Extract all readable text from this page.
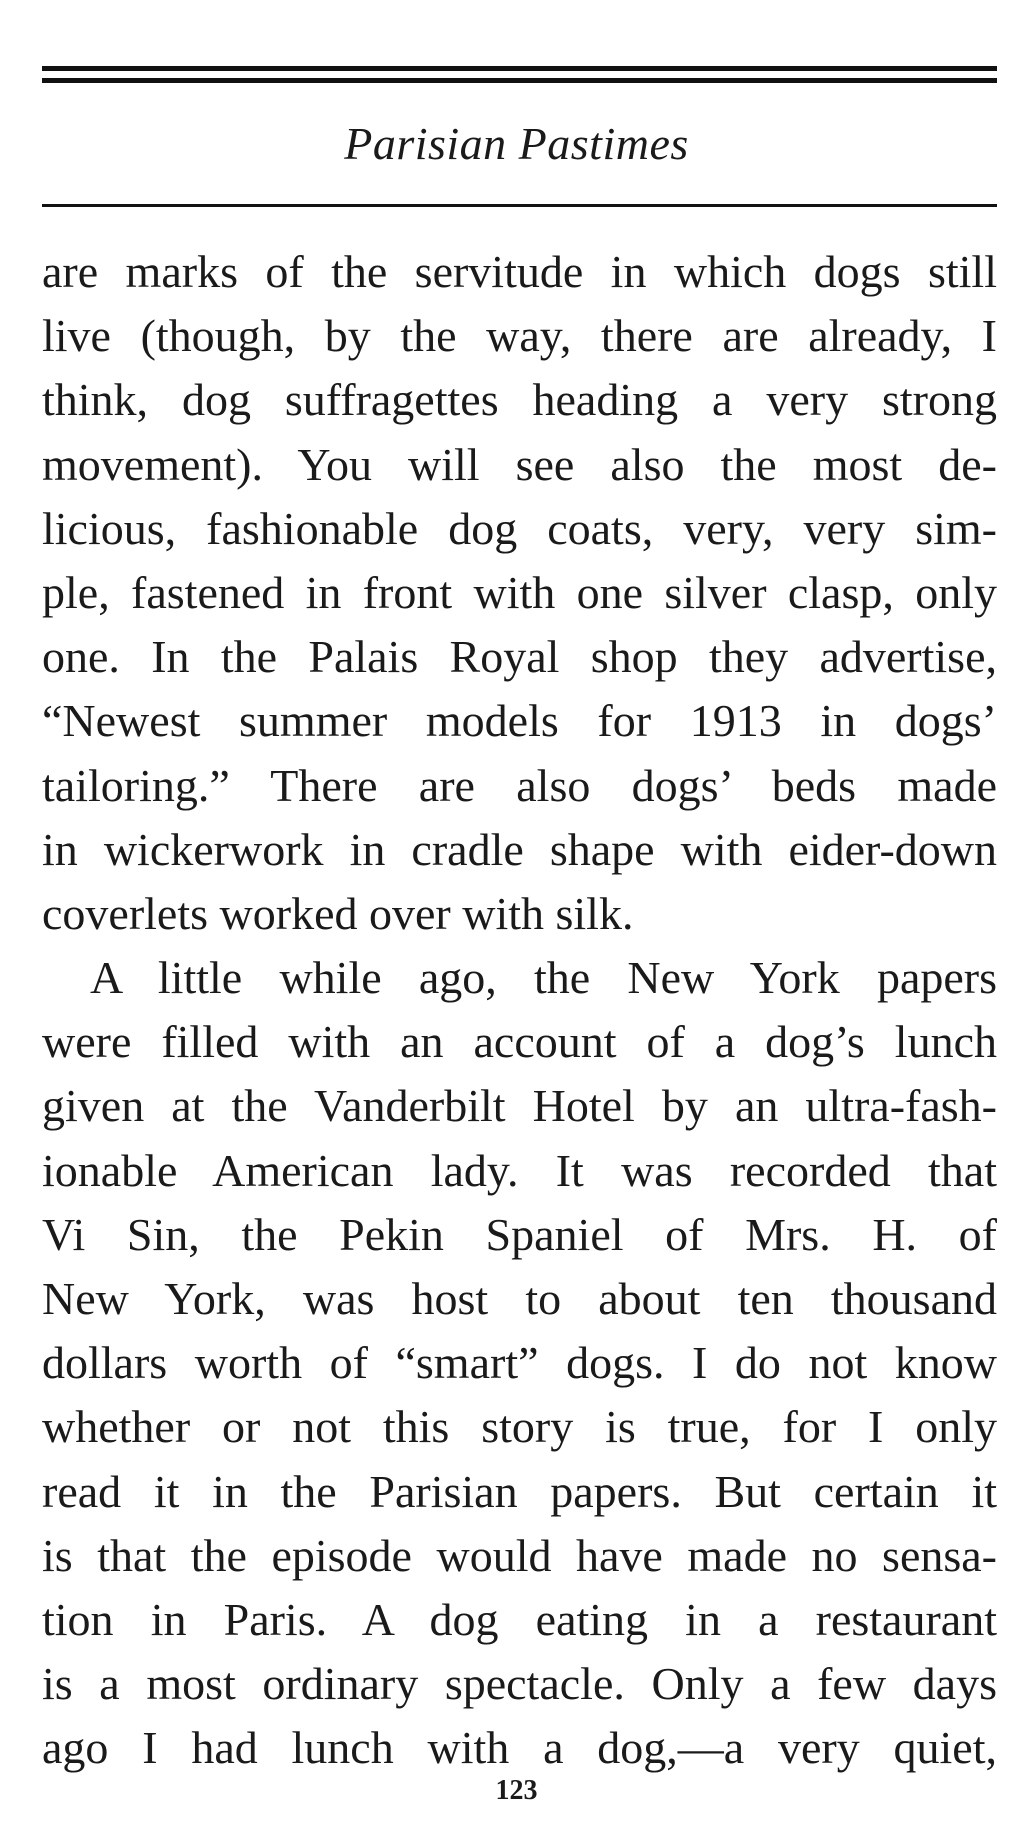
Parisian Pastimes
are marks of the servitude in which dogs still
live (though, by the way, there are already, I
think, dog suffragettes heading a very strong
movement). You will see also the most de-
licious, fashionable dog coats, very, very sim-
ple, fastened in front with one silver clasp, only
one. In the Palais Royal shop they advertise,
“Newest summer models for 1913 in dogs’
tailoring.” There are also dogs’ beds made
in wickerwork in cradle shape with eider-down
coverlets worked over with silk.
A little while ago, the New York papers
were filled with an account of a dog’s lunch
given at the Vanderbilt Hotel by an ultra-fash-
ionable American lady. It was recorded that
Vi Sin, the Pekin Spaniel of Mrs. H. of
New York, was host to about ten thousand
dollars worth of “smart” dogs. I do not know
whether or not this story is true, for I only
read it in the Parisian papers. But certain it
is that the episode would have made no sensa-
tion in Paris. A dog eating in a restaurant
is a most ordinary spectacle. Only a few days
ago I had lunch with a dog,—a very quiet,
123
